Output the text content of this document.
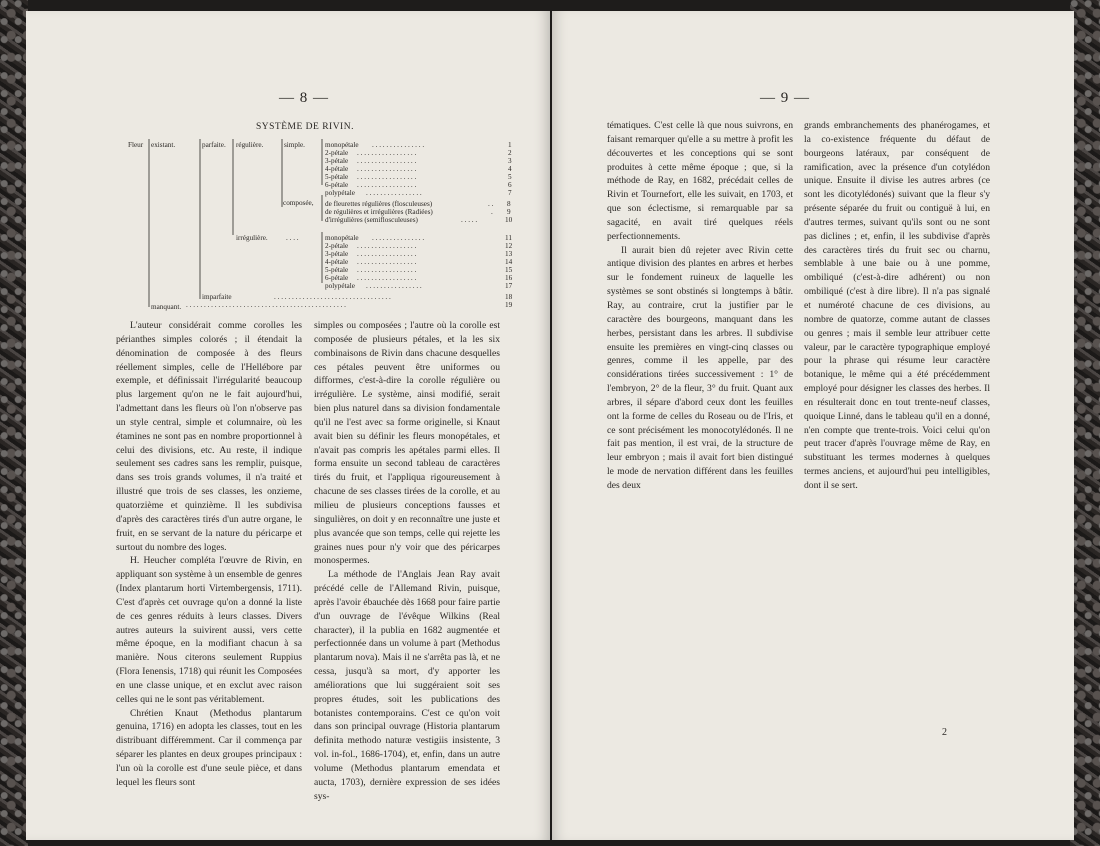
— 8 —
SYSTÈME DE RIVIN.
Fleur existant.	parfaite. régulière.	simple.
composée,
irrégulière.
imparfaite
manquant.
monopétale
2-pétale
3-pétale
4-pétale
5-pétale
6-pétale
polypétale
1
2
3
4
5
6
7
de fleurettes régulières (flosculeuses)
de régulières et irrégulières (Radiées)
d'irrégulières (semiflosculeuses)
8
9
10
monopétale
2-pétale
3-pétale
4-pétale
5-pétale
6-pétale
polypétale
11
12
13
14
15
16
17
18
19
. . . . . . . . . . . . . . .
. . . . . . . . . . . . . . . . .
. . . . . . . . . . . . . . . . .
. . . . . . . . . . . . . . . . .
. . . . . . . . . . . . . . . . .
. . . . . . . . . . . . . . . . .
. . . . . . . . . . . . . . . .
. .
.
. . . . .
. . . . . . . . . . . . . . .
. . . . . . . . . . . . . . . . .
. . . . . . . . . . . . . . . . .
. . . . . . . . . . . . . . . . .
. . . . . . . . . . . . . . . . .
. . . . . . . . . . . . . . . . .
. . . . . . . . . . . . . . . .
. . . . . . . . . . . . . . . . . . . . . . . . . . . . . . . . .
. . . . . . . . . . . . . . . . . . . . . . . . . . . . . . . . . . . . . . . . . . . . .
. . . .

L'auteur considérait comme corolles les périanthes simples colorés ; il étendait la dénomination de composée à des fleurs réellement simples, celle de l'Hellébore par exemple, et définissait l'irrégularité beaucoup plus largement qu'on ne le fait aujourd'hui, l'admettant dans les fleurs où l'on n'observe pas un style central, simple et columnaire, où les étamines ne sont pas en nombre proportionnel à celui des divisions, etc. Au reste, il indique seulement ses cadres sans les remplir, puisque, dans ses trois grands volumes, il n'a traité et illustré que trois de ses classes, les onzieme, quatorzième et quinzième. Il les subdivisa d'après des caractères tirés d'un autre organe, le fruit, en se servant de la nature du péricarpe et surtout du nombre des loges.

H. Heucher compléta l'œuvre de Rivin, en appliquant son système à un ensemble de genres (Index plantarum horti Virtembergensis, 1711). C'est d'après cet ouvrage qu'on a donné la liste de ces genres réduits à leurs classes. Divers autres auteurs la suivirent aussi, vers cette même époque, en la modifiant chacun à sa manière. Nous citerons seulement Ruppius (Flora Ienensis, 1718) qui réunit les Composées en une classe unique, et en exclut avec raison celles qui ne le sont pas véritablement.

Chrétien Knaut (Methodus plantarum genuina, 1716) en adopta les classes, tout en les distribuant différemment. Car il commença par séparer les plantes en deux groupes principaux : l'un où la corolle est d'une seule pièce, et dans lequel les fleurs sont

simples ou composées ; l'autre où la corolle est composée de plusieurs pétales, et la les six combinaisons de Rivin dans chacune desquelles ces pétales peuvent être uniformes ou difformes, c'est-à-dire la corolle régulière ou irrégulière. Le système, ainsi modifié, serait bien plus naturel dans sa division fondamentale qu'il ne l'est avec sa forme originelle, si Knaut avait bien su définir les fleurs monopétales, et n'avait pas compris les apétales parmi elles. Il forma ensuite un second tableau de caractères tirés du fruit, et l'appliqua rigoureusement à chacune de ses classes tirées de la corolle, et au milieu de plusieurs conceptions fausses et singulières, on doit y en reconnaître une juste et plus avancée que son temps, celle qui rejette les graines nues pour n'y voir que des péricarpes monospermes.

La méthode de l'Anglais Jean Ray avait précédé celle de l'Allemand Rivin, puisque, après l'avoir ébauchée dès 1668 pour faire partie d'un ouvrage de l'évêque Wilkins (Real character), il la publia en 1682 augmentée et perfectionnée dans un volume à part (Methodus plantarum nova). Mais il ne s'arrêta pas là, et ne cessa, jusqu'à sa mort, d'y apporter les améliorations que lui suggéraient soit ses propres études, soit les publications des botanistes contemporains. C'est ce qu'on voit dans son principal ouvrage (Historia plantarum definita methodo naturæ vestigiis insistente, 3 vol. in-fol., 1686-1704), et, enfin, dans un autre volume (Methodus plantarum emendata et aucta, 1703), dernière expression de ses idées sys-

— 9 —

tématiques. C'est celle là que nous suivrons, en faisant remarquer qu'elle a su mettre à profit les découvertes et les conceptions qui se sont produites à cette même époque ; que, si la méthode de Ray, en 1682, précédait celles de Rivin et Tournefort, elle les suivait, en 1703, et que son éclectisme, si remarquable par sa sagacité, en avait tiré quelques réels perfectionnements.

Il aurait bien dû rejeter avec Rivin cette antique division des plantes en arbres et herbes sur le fondement ruineux de laquelle les systèmes se sont obstinés si longtemps à bâtir. Ray, au contraire, crut la justifier par le caractère des bourgeons, manquant dans les herbes, persistant dans les arbres. Il subdivise ensuite les premières en vingt-cinq classes ou genres, comme il les appelle, par des considérations tirées successivement : 1° de l'embryon, 2° de la fleur, 3° du fruit. Quant aux arbres, il sépare d'abord ceux dont les feuilles ont la forme de celles du Roseau ou de l'Iris, et ce sont précisément les monocotylédonés. Il ne fait pas mention, il est vrai, de la structure de leur embryon ; mais il avait fort bien distingué le mode de nervation différent dans les feuilles des deux

grands embranchements des phanérogames, et la co-existence fréquente du défaut de bourgeons latéraux, par conséquent de ramification, avec la présence d'un cotylédon unique. Ensuite il divise les autres arbres (ce sont les dicotylédonés) suivant que la fleur s'y présente séparée du fruit ou contiguë à lui, en d'autres termes, suivant qu'ils sont ou ne sont pas diclines ; et, enfin, il les subdivise d'après des caractères tirés du fruit sec ou charnu, semblable à une baie ou à une pomme, ombiliqué (c'est-à-dire adhérent) ou non ombiliqué (c'est à dire libre). Il n'a pas signalé et numéroté chacune de ces divisions, au nombre de quatorze, comme autant de classes ou genres ; mais il semble leur attribuer cette valeur, par le caractère typographique employé pour la phrase qui résume leur caractère botanique, le même qui a été précédemment employé pour désigner les classes des herbes. Il en résulterait donc en tout trente-neuf classes, quoique Linné, dans le tableau qu'il en a donné, n'en compte que trente-trois. Voici celui qu'on peut tracer d'après l'ouvrage même de Ray, en substituant les termes modernes à quelques termes anciens, et aujourd'hui peu intelligibles, dont il se sert.

2
